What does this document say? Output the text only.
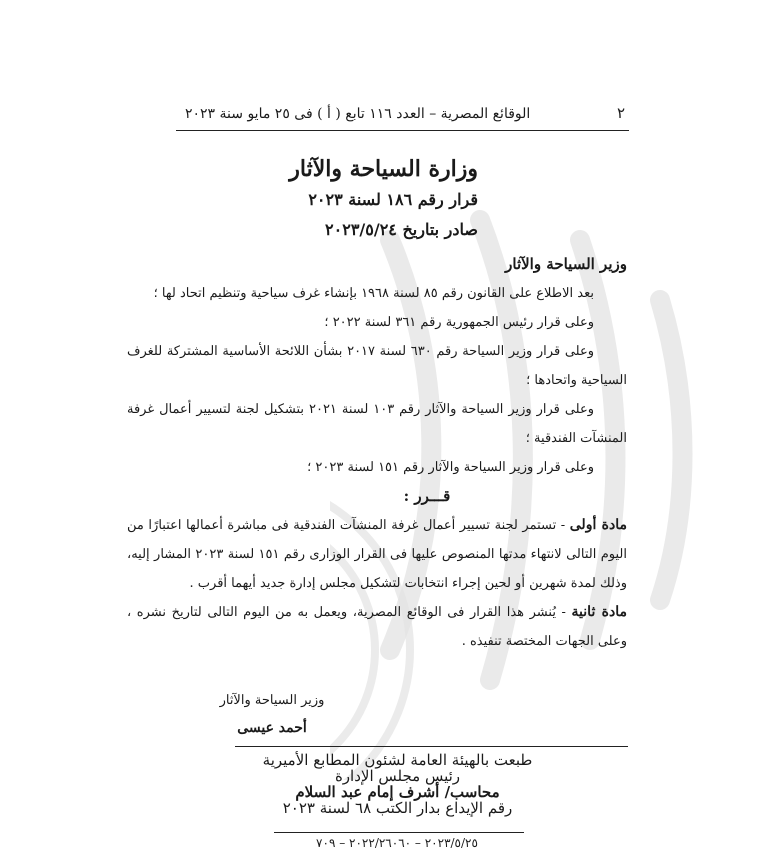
٢
الوقائع المصرية – العدد ١١٦ تابع ( أ ) فى ٢٥ مايو سنة ٢٠٢٣
وزارة السياحة والآثار
قرار رقم ١٨٦ لسنة ٢٠٢٣
صادر بتاريخ ٢٠٢٣/٥/٢٤

وزير السياحة والآثار

بعد الاطلاع على القانون رقم ٨٥ لسنة ١٩٦٨ بإنشاء غرف سياحية وتنظيم اتحاد لها ؛

وعلى قرار رئيس الجمهورية رقم ٣٦١ لسنة ٢٠٢٢ ؛

وعلى قرار وزير السياحة رقم ٦٣٠ لسنة ٢٠١٧ بشأن اللائحة الأساسية المشتركة للغرف السياحية واتحادها ؛

وعلى قرار وزير السياحة والآثار رقم ١٠٣ لسنة ٢٠٢١ بتشكيل لجنة لتسيير أعمال غرفة المنشآت الفندقية ؛

وعلى قرار وزير السياحة والآثار رقم ١٥١ لسنة ٢٠٢٣ ؛

قـــرر :

مادة أولى - تستمر لجنة تسيير أعمال غرفة المنشآت الفندقية فى مباشرة أعمالها اعتبارًا من اليوم التالى لانتهاء مدتها المنصوص عليها فى القرار الوزارى رقم ١٥١ لسنة ٢٠٢٣ المشار إليه، وذلك لمدة شهرين أو لحين إجراء انتخابات لتشكيل مجلس إدارة جديد أيهما أقرب .

مادة ثانية - يُنشر هذا القرار فى الوقائع المصرية، ويعمل به من اليوم التالى لتاريخ نشره ، وعلى الجهات المختصة تنفيذه .

وزير السياحة والآثار
أحمد عيسى
طبعت بالهيئة العامة لشئون المطابع الأميرية
رئيس مجلس الإدارة
محاسب/ أشرف إمام عبد السلام
رقم الإيداع بدار الكتب ٦٨ لسنة ٢٠٢٣
٢٠٢٣/٥/٢٥ – ٢٠٢٢/٢٦٠٦٠ – ٧٠٩
